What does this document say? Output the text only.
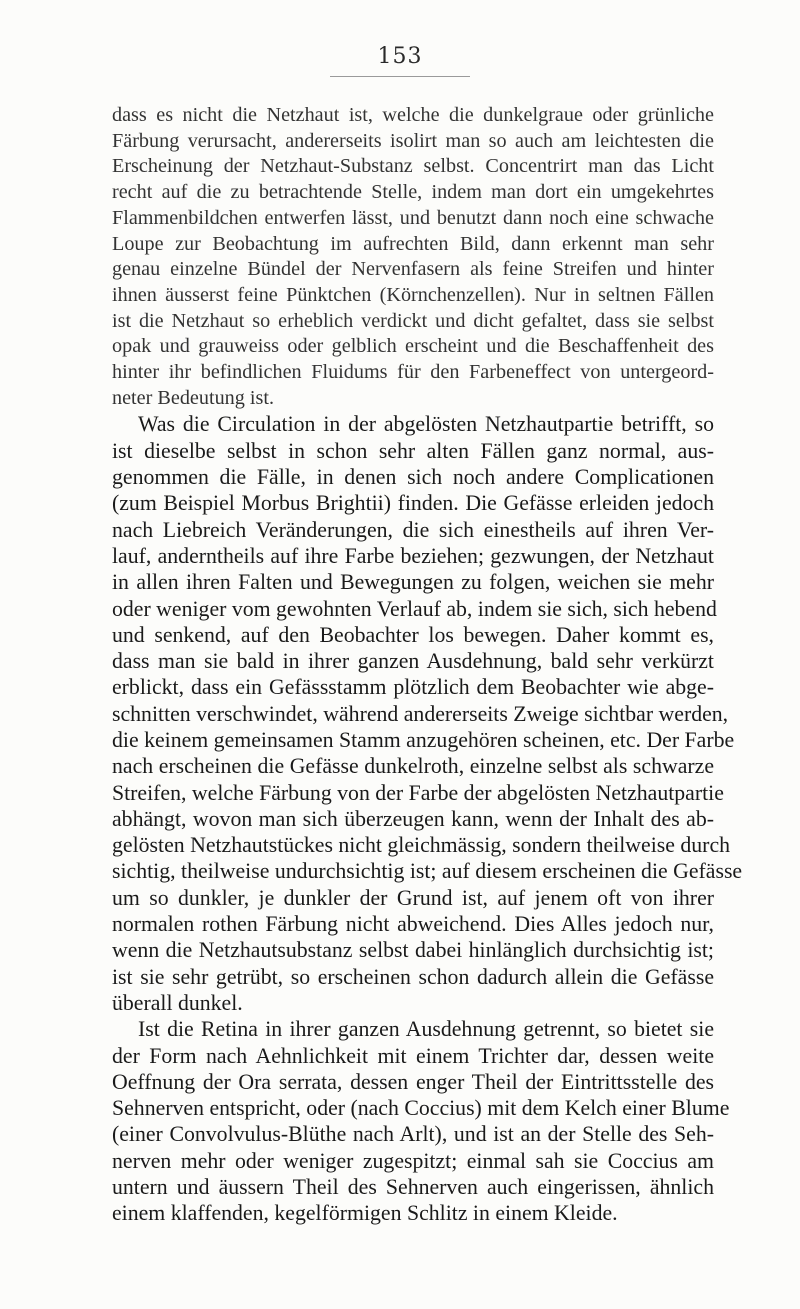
153
dass es nicht die Netzhaut ist, welche die dunkelgraue oder grünliche
Färbung verursacht, andererseits isolirt man so auch am leichtesten die
Erscheinung der Netzhaut-Substanz selbst. Concentrirt man das Licht
recht auf die zu betrachtende Stelle, indem man dort ein umgekehrtes
Flammenbildchen entwerfen lässt, und benutzt dann noch eine schwache
Loupe zur Beobachtung im aufrechten Bild, dann erkennt man sehr
genau einzelne Bündel der Nervenfasern als feine Streifen und hinter
ihnen äusserst feine Pünktchen (Körnchenzellen). Nur in seltnen Fällen
ist die Netzhaut so erheblich verdickt und dicht gefaltet, dass sie selbst
opak und grauweiss oder gelblich erscheint und die Beschaffenheit des
hinter ihr befindlichen Fluidums für den Farbeneffect von untergeord-
neter Bedeutung ist.
Was die Circulation in der abgelösten Netzhautpartie betrifft, so
ist dieselbe selbst in schon sehr alten Fällen ganz normal, aus-
genommen die Fälle, in denen sich noch andere Complicationen
(zum Beispiel Morbus Brightii) finden. Die Gefässe erleiden jedoch
nach Liebreich Veränderungen, die sich einestheils auf ihren Ver-
lauf, anderntheils auf ihre Farbe beziehen; gezwungen, der Netzhaut
in allen ihren Falten und Bewegungen zu folgen, weichen sie mehr
oder weniger vom gewohnten Verlauf ab, indem sie sich, sich hebend
und senkend, auf den Beobachter los bewegen. Daher kommt es,
dass man sie bald in ihrer ganzen Ausdehnung, bald sehr verkürzt
erblickt, dass ein Gefässstamm plötzlich dem Beobachter wie abge-
schnitten verschwindet, während andererseits Zweige sichtbar werden,
die keinem gemeinsamen Stamm anzugehören scheinen, etc. Der Farbe
nach erscheinen die Gefässe dunkelroth, einzelne selbst als schwarze
Streifen, welche Färbung von der Farbe der abgelösten Netzhautpartie
abhängt, wovon man sich überzeugen kann, wenn der Inhalt des ab-
gelösten Netzhautstückes nicht gleichmässig, sondern theilweise durch
sichtig, theilweise undurchsichtig ist; auf diesem erscheinen die Gefässe
um so dunkler, je dunkler der Grund ist, auf jenem oft von ihrer
normalen rothen Färbung nicht abweichend. Dies Alles jedoch nur,
wenn die Netzhautsubstanz selbst dabei hinlänglich durchsichtig ist;
ist sie sehr getrübt, so erscheinen schon dadurch allein die Gefässe
überall dunkel.
Ist die Retina in ihrer ganzen Ausdehnung getrennt, so bietet sie
der Form nach Aehnlichkeit mit einem Trichter dar, dessen weite
Oeffnung der Ora serrata, dessen enger Theil der Eintrittsstelle des
Sehnerven entspricht, oder (nach Coccius) mit dem Kelch einer Blume
(einer Convolvulus-Blüthe nach Arlt), und ist an der Stelle des Seh-
nerven mehr oder weniger zugespitzt; einmal sah sie Coccius am
untern und äussern Theil des Sehnerven auch eingerissen, ähnlich
einem klaffenden, kegelförmigen Schlitz in einem Kleide.
